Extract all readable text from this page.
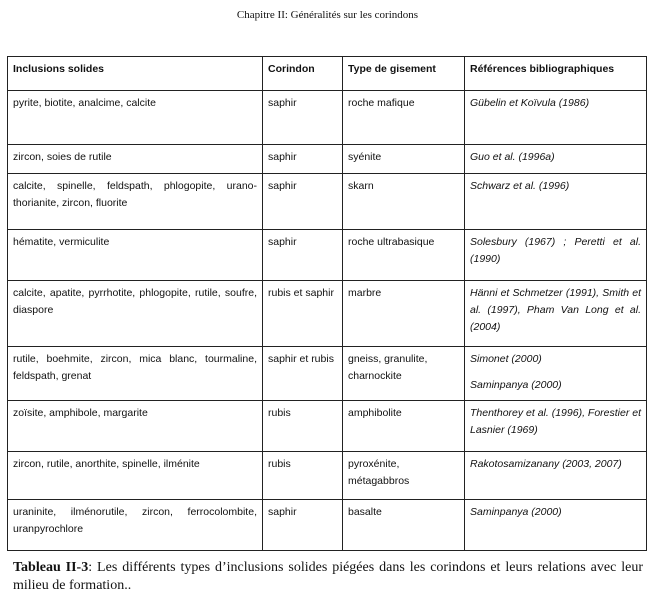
Chapitre II: Généralités sur les corindons
Inclusions solides	Corindon	Type de gisement	Références bibliographiques
pyrite, biotite, analcime, calcite	saphir	roche mafique	Gübelin et Koïvula (1986)

zircon, soies de rutile	saphir	syénite	Guo et al. (1996a)

calcite, spinelle, feldspath, phlogopite, urano-thorianite, zircon, fluorite	saphir	skarn	Schwarz et al. (1996)

hématite, vermiculite	saphir	roche ultrabasique	Solesbury (1967) ; Peretti et al. (1990)

calcite, apatite, pyrrhotite, phlogopite, rutile, soufre, diaspore	rubis et saphir	marbre	Hänni et Schmetzer (1991), Smith et al. (1997), Pham Van Long et al. (2004)

rutile, boehmite, zircon, mica blanc, tourmaline, feldspath, grenat	saphir et rubis	gneiss, granulite, charnockite	Simonet (2000)
Saminpanya (2000)

zoïsite, amphibole, margarite	rubis	amphibolite	Thenthorey et al. (1996), Forestier et Lasnier (1969)

zircon, rutile, anorthite, spinelle, ilménite	rubis	pyroxénite, métagabbros	Rakotosamizanany (2003, 2007)

uraninite, ilménorutile, zircon, ferrocolombite, uranpyrochlore	saphir	basalte	Saminpanya (2000)
Tableau II-3: Les différents types d’inclusions solides piégées dans les corindons et leurs relations avec leur milieu de formation..
